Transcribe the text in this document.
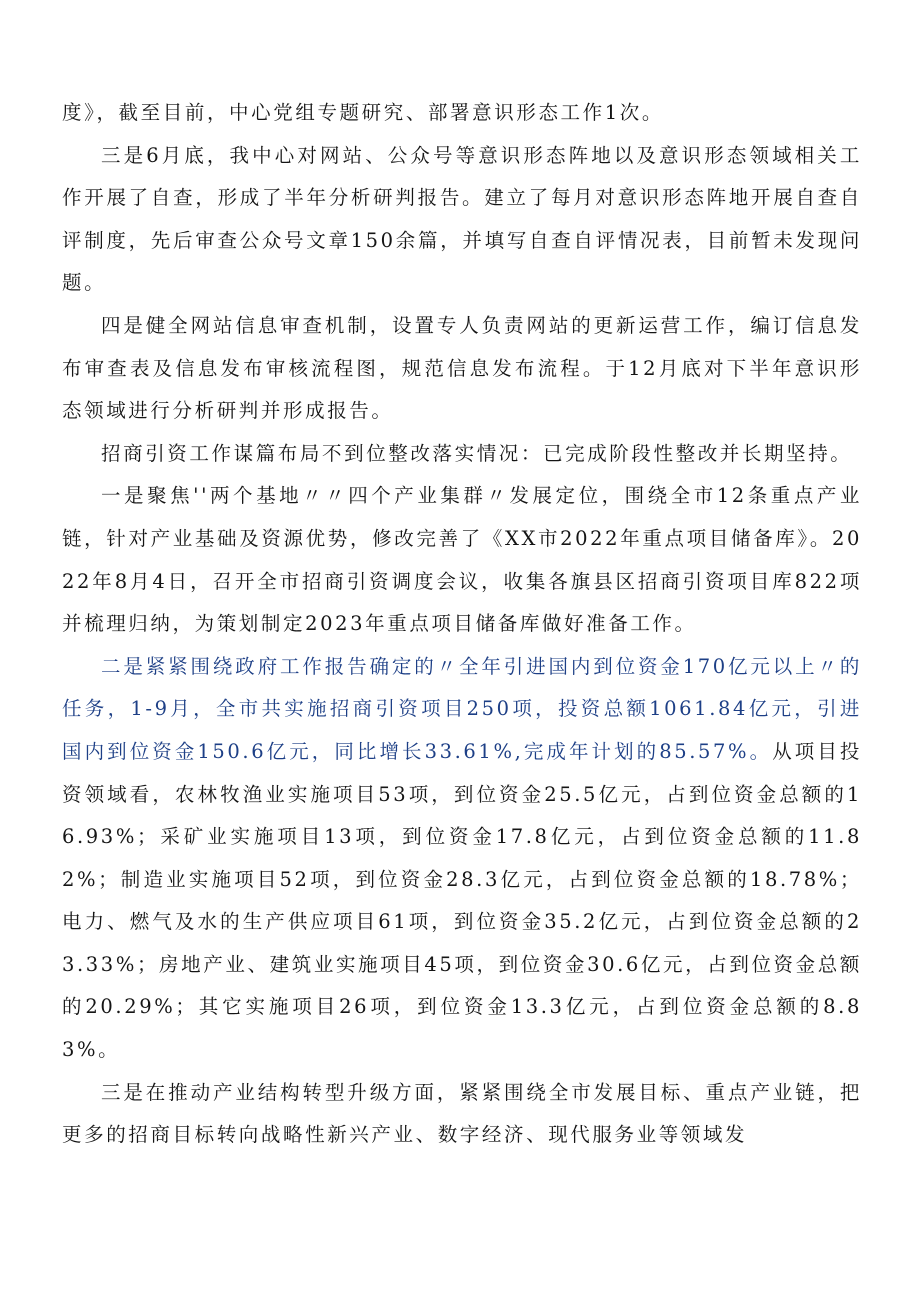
度》，截至目前，中心党组专题研究、部署意识形态工作1次。

三是6月底，我中心对网站、公众号等意识形态阵地以及意识形态领域相关工作开展了自查，形成了半年分析研判报告。建立了每月对意识形态阵地开展自查自评制度，先后审查公众号文章150余篇，并填写自查自评情况表，目前暂未发现问题。

四是健全网站信息审查机制，设置专人负责网站的更新运营工作，编订信息发布审查表及信息发布审核流程图，规范信息发布流程。于12月底对下半年意识形态领域进行分析研判并形成报告。

招商引资工作谋篇布局不到位整改落实情况：已完成阶段性整改并长期坚持。

一是聚焦''两个基地〃〃四个产业集群〃发展定位，围绕全市12条重点产业链，针对产业基础及资源优势，修改完善了《XX市2022年重点项目储备库》。2022年8月4日，召开全市招商引资调度会议，收集各旗县区招商引资项目库822项并梳理归纳，为策划制定2023年重点项目储备库做好准备工作。

二是紧紧围绕政府工作报告确定的〃全年引进国内到位资金170亿元以上〃的任务，1-9月，全市共实施招商引资项目250项，投资总额1061.84亿元，引进国内到位资金150.6亿元，同比增长33.61%,完成年计划的85.57%。从项目投资领域看，农林牧渔业实施项目53项，到位资金25.5亿元，占到位资金总额的16.93%；采矿业实施项目13项，到位资金17.8亿元，占到位资金总额的11.82%；制造业实施项目52项，到位资金28.3亿元，占到位资金总额的18.78%；电力、燃气及水的生产供应项目61项，到位资金35.2亿元，占到位资金总额的23.33%；房地产业、建筑业实施项目45项，到位资金30.6亿元，占到位资金总额的20.29%；其它实施项目26项，到位资金13.3亿元，占到位资金总额的8.83%。

三是在推动产业结构转型升级方面，紧紧围绕全市发展目标、重点产业链，把更多的招商目标转向战略性新兴产业、数字经济、现代服务业等领域发
